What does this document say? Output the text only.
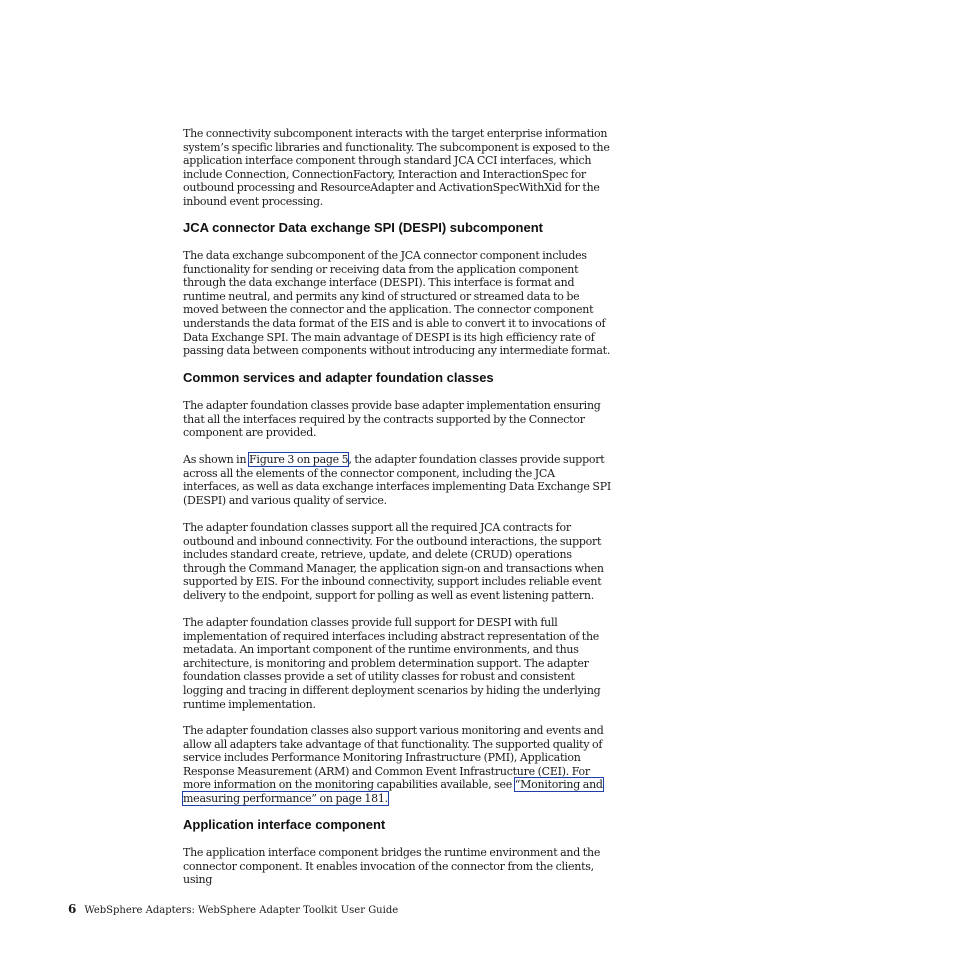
The connectivity subcomponent interacts with the target enterprise information system’s specific libraries and functionality. The subcomponent is exposed to the application interface component through standard JCA CCI interfaces, which include Connection, ConnectionFactory, Interaction and InteractionSpec for outbound processing and ResourceAdapter and ActivationSpecWithXid for the inbound event processing.

JCA connector Data exchange SPI (DESPI) subcomponent

The data exchange subcomponent of the JCA connector component includes functionality for sending or receiving data from the application component through the data exchange interface (DESPI). This interface is format and runtime neutral, and permits any kind of structured or streamed data to be moved between the connector and the application. The connector component understands the data format of the EIS and is able to convert it to invocations of Data Exchange SPI. The main advantage of DESPI is its high efficiency rate of passing data between components without introducing any intermediate format.

Common services and adapter foundation classes

The adapter foundation classes provide base adapter implementation ensuring that all the interfaces required by the contracts supported by the Connector component are provided.

As shown in Figure 3 on page 5, the adapter foundation classes provide support across all the elements of the connector component, including the JCA interfaces, as well as data exchange interfaces implementing Data Exchange SPI (DESPI) and various quality of service.

The adapter foundation classes support all the required JCA contracts for outbound and inbound connectivity. For the outbound interactions, the support includes standard create, retrieve, update, and delete (CRUD) operations through the Command Manager, the application sign-on and transactions when supported by EIS. For the inbound connectivity, support includes reliable event delivery to the endpoint, support for polling as well as event listening pattern.

The adapter foundation classes provide full support for DESPI with full implementation of required interfaces including abstract representation of the metadata. An important component of the runtime environments, and thus architecture, is monitoring and problem determination support. The adapter foundation classes provide a set of utility classes for robust and consistent logging and tracing in different deployment scenarios by hiding the underlying runtime implementation.

The adapter foundation classes also support various monitoring and events and allow all adapters take advantage of that functionality. The supported quality of service includes Performance Monitoring Infrastructure (PMI), Application Response Measurement (ARM) and Common Event Infrastructure (CEI). For more information on the monitoring capabilities available, see “Monitoring and measuring performance” on page 181.

Application interface component

The application interface component bridges the runtime environment and the connector component. It enables invocation of the connector from the clients, using

6 WebSphere Adapters: WebSphere Adapter Toolkit User Guide
